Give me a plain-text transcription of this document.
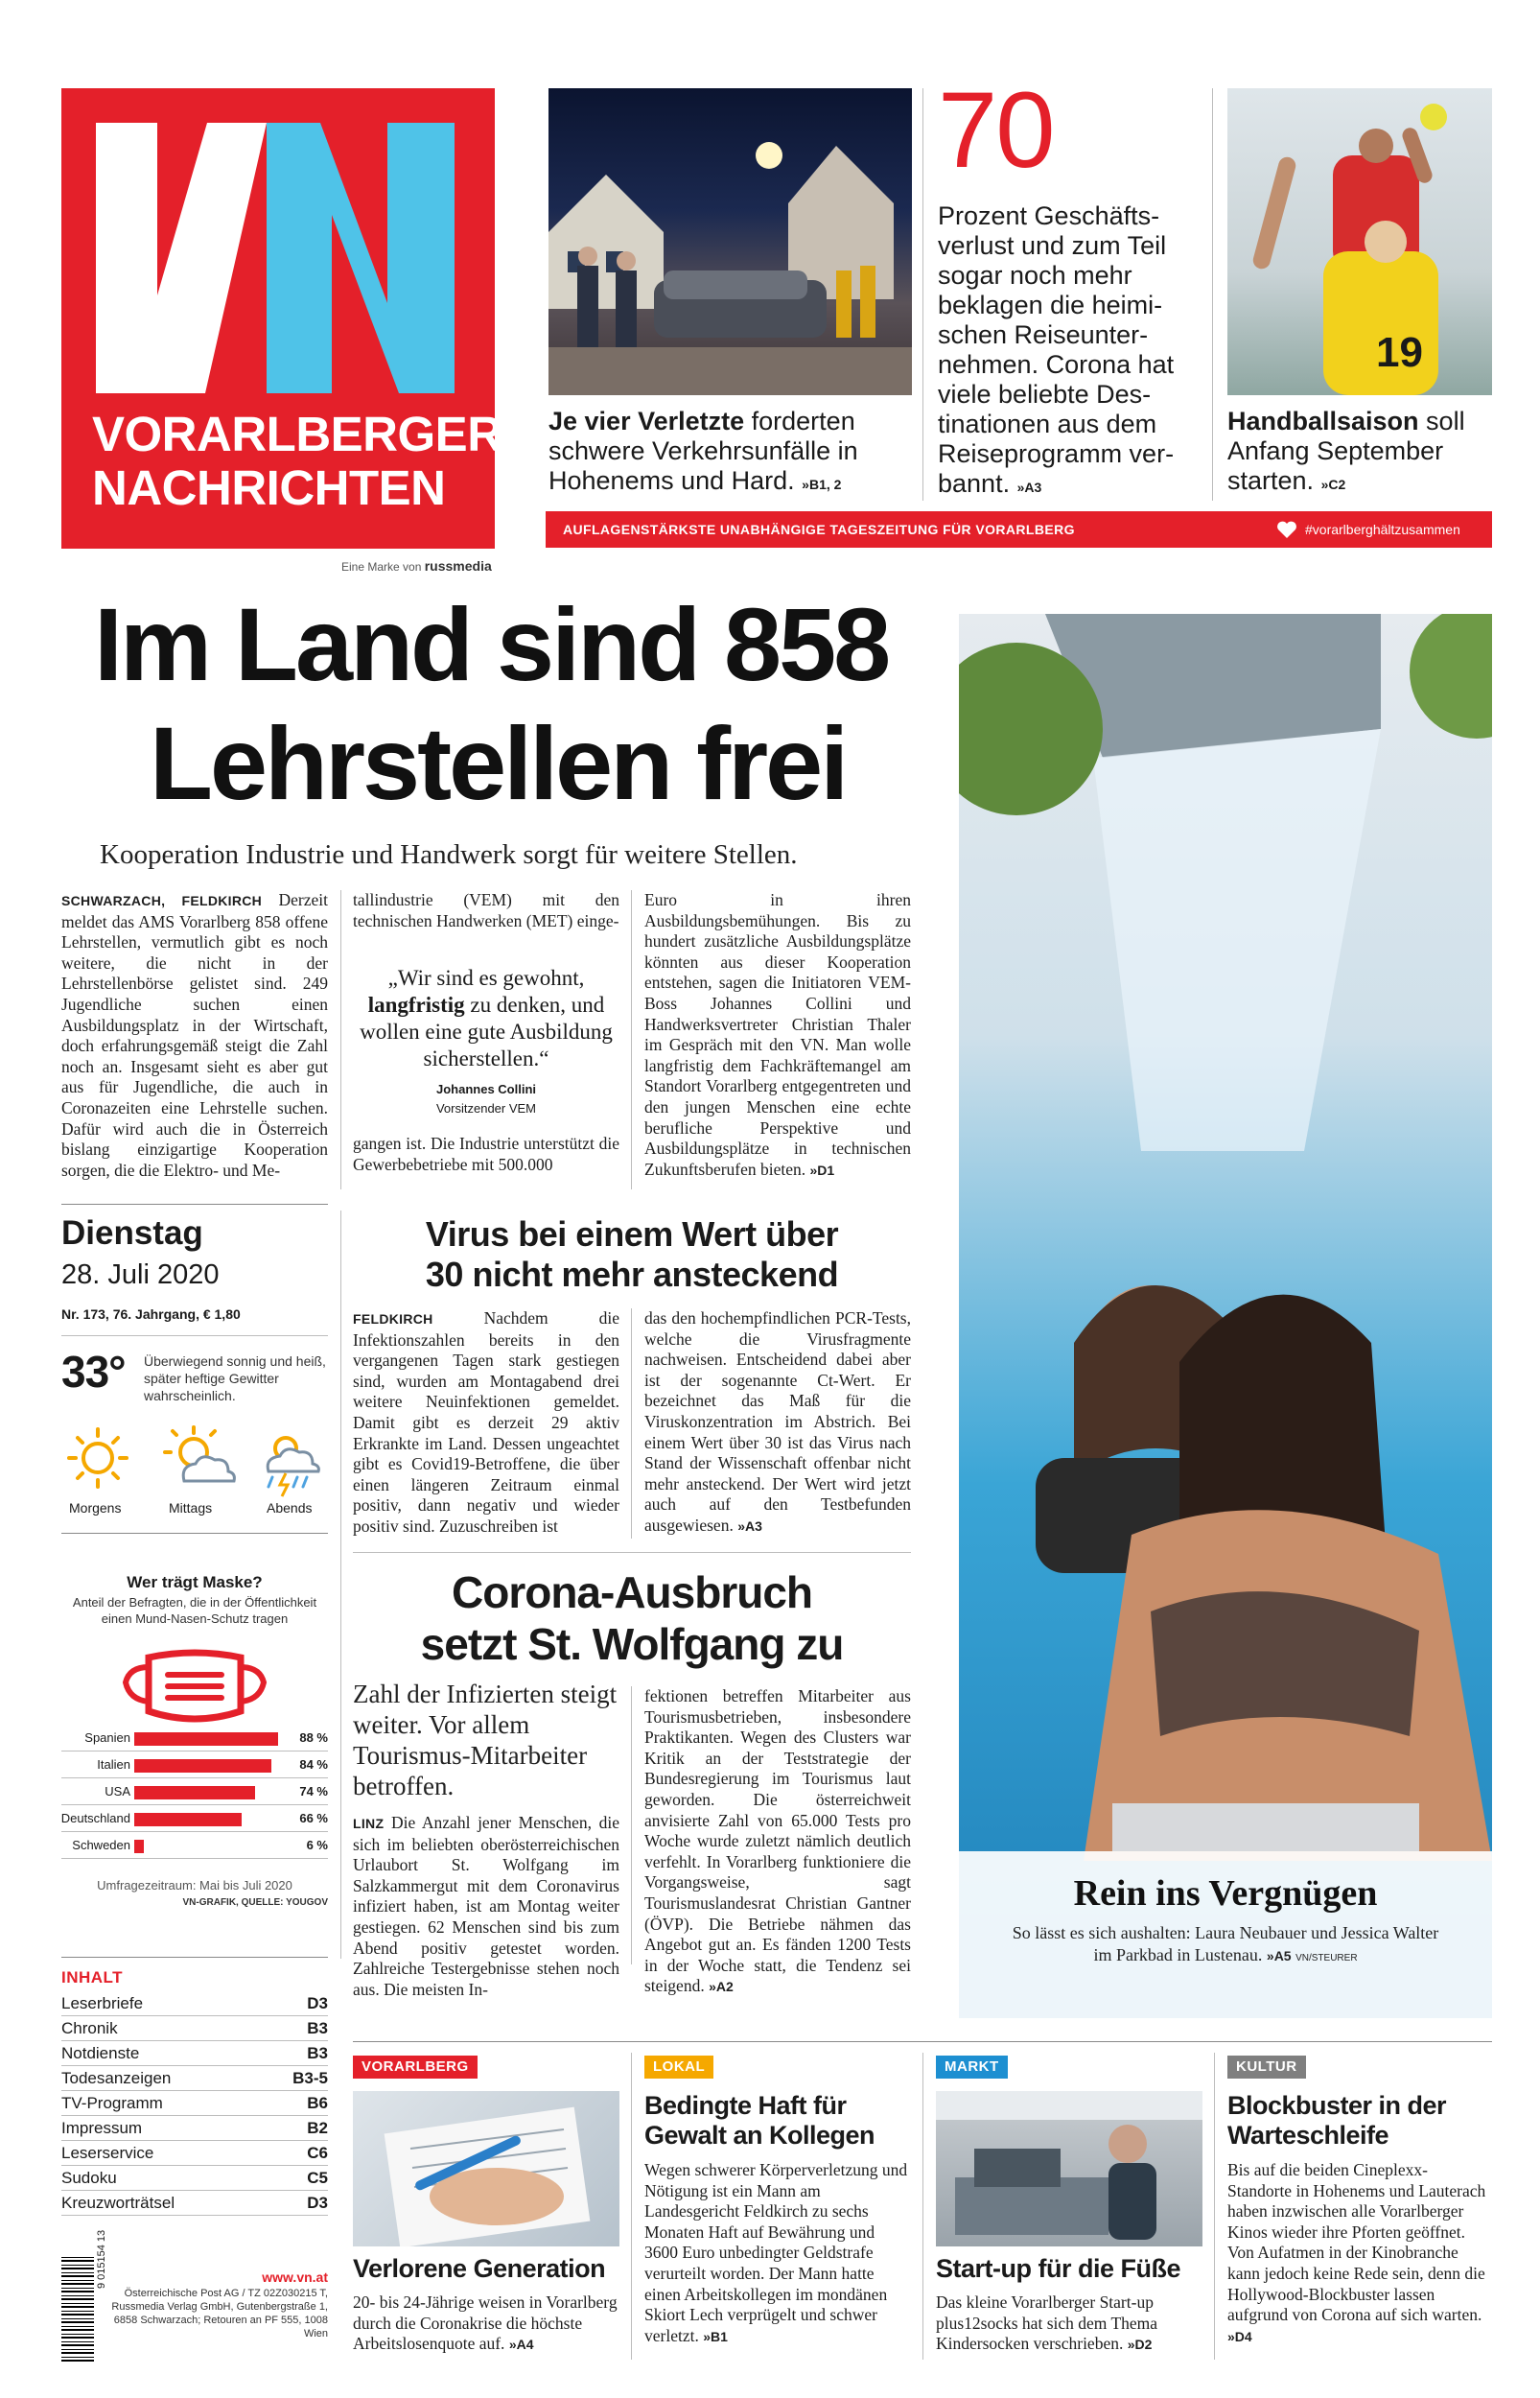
VORARLBERGER
NACHRICHTEN
Eine Marke von russmedia
Je vier Verletzte forderten schwere Verkehrsunfälle in Hohenems und Hard. »B1, 2
70
Prozent Geschäftsverlust und zum Teil sogar noch mehr beklagen die heimischen Reiseunternehmen. Corona hat viele beliebte Destinationen aus dem Reiseprogramm verbannt. »A3
19
Handballsaison soll Anfang September starten. »C2
AUFLAGENSTÄRKSTE UNABHÄNGIGE TAGESZEITUNG FÜR VORARLBERG	#vorarlberghältzusammen
Im Land sind 858
Lehrstellen frei
Kooperation Industrie und Handwerk sorgt für weitere Stellen.
SCHWARZACH, FELDKIRCH Derzeit meldet das AMS Vorarlberg 858 offene Lehrstellen, vermutlich gibt es noch weitere, die nicht in der Lehrstellenbörse gelistet sind. 249 Jugendliche suchen einen Ausbildungsplatz in der Wirtschaft, doch erfahrungsgemäß steigt die Zahl noch an. Insgesamt sieht es aber gut aus für Jugendliche, die auch in Coronazeiten eine Lehrstelle suchen. Dafür wird auch die in Österreich bislang einzigartige Kooperation sorgen, die die Elektro- und Me-
tallindustrie (VEM) mit den technischen Handwerken (MET) einge-
„Wir sind es gewohnt, langfristig zu denken, und wollen eine gute Ausbildung sicherstellen.“
Johannes Collini
Vorsitzender VEM
gangen ist. Die Industrie unterstützt die Gewerbebetriebe mit 500.000
Euro in ihren Ausbildungsbemühungen. Bis zu hundert zusätzliche Ausbildungsplätze könnten aus dieser Kooperation entstehen, sagen die Initiatoren VEM-Boss Johannes Collini und Handwerksvertreter Christian Thaler im Gespräch mit den VN. Man wolle langfristig dem Fachkräftemangel am Standort Vorarlberg entgegentreten und den jungen Menschen eine echte berufliche Perspektive und Ausbildungsplätze in technischen Zukunftsberufen bieten. »D1
Rein ins Vergnügen
So lässt es sich aushalten: Laura Neubauer und Jessica Walter im Parkbad in Lustenau. »A5 VN/STEURER
Dienstag
28. Juli 2020
Nr. 173, 76. Jahrgang, € 1,80
33° Überwiegend sonnig und heiß, später heftige Gewitter wahrscheinlich.
Morgens	Mittags	Abends
Wer trägt Maske?
Anteil der Befragten, die in der Öffentlichkeit einen Mund-Nasen-Schutz tragen
Spanien	88 %
Italien	84 %
USA	74 %
Deutschland	66 %
Schweden	6 %
Umfragezeitraum: Mai bis Juli 2020
VN-GRAFIK, QUELLE: YOUGOV
INHALT
Leserbriefe	D3
Chronik	B3
Notdienste	B3
Todesanzeigen	B3-5
TV-Programm	B6
Impressum	B2
Leserservice	C6
Sudoku	C5
Kreuzworträtsel	D3
9 015154 13	www.vn.at
Österreichische Post AG / TZ 02Z030215 T, Russmedia Verlag GmbH, Gutenbergstraße 1, 6858 Schwarzach; Retouren an PF 555, 1008 Wien
Virus bei einem Wert über
30 nicht mehr ansteckend
FELDKIRCH	Nachdem die Infektionszahlen bereits in den vergangenen Tagen stark gestiegen sind, wurden am Montagabend drei weitere Neuinfektionen gemeldet. Damit gibt es derzeit 29 aktiv Erkrankte im Land. Dessen ungeachtet gibt es Covid19-Betroffene, die über einen längeren Zeitraum einmal positiv, dann negativ und wieder positiv sind. Zuzuschreiben ist
das den hochempfindlichen PCR-Tests, welche die Virusfragmente nachweisen. Entscheidend dabei aber ist der sogenannte Ct-Wert. Er bezeichnet das Maß für die Viruskonzentration im Abstrich. Bei einem Wert über 30 ist das Virus nach Stand der Wissenschaft offenbar nicht mehr ansteckend. Der Wert wird jetzt auch auf den Testbefunden ausgewiesen. »A3
Corona-Ausbruch
setzt St. Wolfgang zu
Zahl der Infizierten steigt weiter. Vor allem Tourismus-Mitarbeiter betroffen.
LINZ Die Anzahl jener Menschen, die sich im beliebten oberösterreichischen Urlaubort St. Wolfgang im Salzkammergut mit dem Coronavirus infiziert haben, ist am Montag weiter gestiegen. 62 Menschen sind bis zum Abend positiv getestet worden. Zahlreiche Testergebnisse stehen noch aus. Die meisten In-
fektionen betreffen Mitarbeiter aus Tourismusbetrieben, insbesondere Praktikanten. Wegen des Clusters war Kritik an der Teststrategie der Bundesregierung im Tourismus laut geworden. Die österreichweit anvisierte Zahl von 65.000 Tests pro Woche wurde zuletzt nämlich deutlich verfehlt. In Vorarlberg funktioniere die Vorgangsweise, sagt Tourismuslandesrat Christian Gantner (ÖVP). Die Betriebe nähmen das Angebot gut an. Es fänden 1200 Tests in der Woche statt, die Tendenz sei steigend. »A2
VORARLBERG
Verlorene Generation
20- bis 24-Jährige weisen in Vorarlberg durch die Coronakrise die höchste Arbeitslosenquote auf. »A4
LOKAL
Bedingte Haft für Gewalt an Kollegen
Wegen schwerer Körperverletzung und Nötigung ist ein Mann am Landesgericht Feldkirch zu sechs Monaten Haft auf Bewährung und 3600 Euro unbedingter Geldstrafe verurteilt worden. Der Mann hatte einen Arbeitskollegen im mondänen Skiort Lech verprügelt und schwer verletzt. »B1
MARKT
Start-up für die Füße
Das kleine Vorarlberger Start-up plus12socks hat sich dem Thema Kindersocken verschrieben. »D2
KULTUR
Blockbuster in der Warteschleife
Bis auf die beiden Cineplexx-Standorte in Hohenems und Lauterach haben inzwischen alle Vorarlberger Kinos wieder ihre Pforten geöffnet. Von Aufatmen in der Kinobranche kann jedoch keine Rede sein, denn die Hollywood-Blockbuster lassen aufgrund von Corona auf sich warten. »D4
